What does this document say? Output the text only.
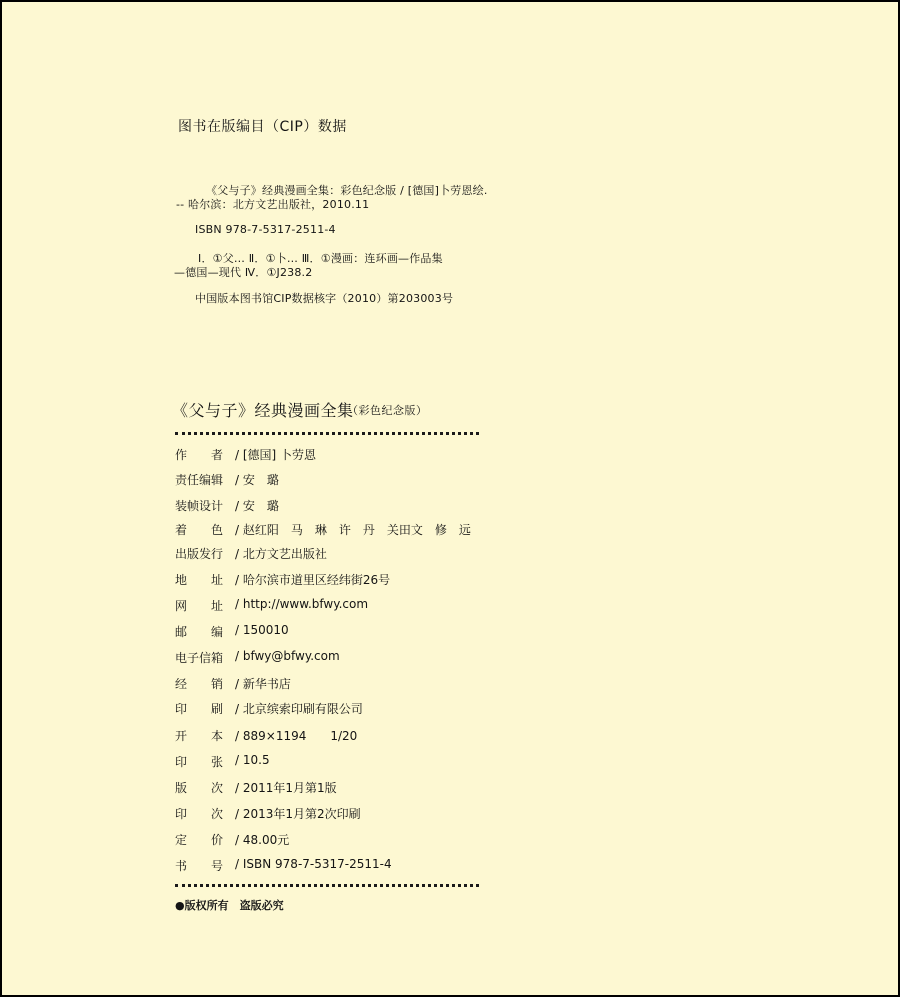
图书在版编目（CIP）数据
《父与子》经典漫画全集：彩色纪念版 / [德国]卜劳恩绘.
-- 哈尔滨：北方文艺出版社，2010.11
ISBN 978-7-5317-2511-4
Ⅰ．①父… Ⅱ．①卜… Ⅲ．①漫画：连环画—作品集
—德国—现代 Ⅳ．①J238.2
中国版本图书馆CIP数据核字（2010）第203003号
《父与子》经典漫画全集
（彩色纪念版）
作　　者 / [德国] 卜劳恩
责任编辑 / 安　璐
装帧设计 / 安　璐
着　　色 / 赵红阳　马　琳　许　丹　关田文　修　远
出版发行 / 北方文艺出版社
地　　址 / 哈尔滨市道里区经纬街26号
网　　址 / http://www.bfwy.com
邮　　编 / 150010
电子信箱 / bfwy@bfwy.com
经　　销 / 新华书店
印　　刷 / 北京缤索印刷有限公司
开　　本 / 889×1194　　1/20
印　　张 / 10.5
版　　次 / 2011年1月第1版
印　　次 / 2013年1月第2次印刷
定　　价 / 48.00元
书　　号 / ISBN 978-7-5317-2511-4
●版权所有　盗版必究
